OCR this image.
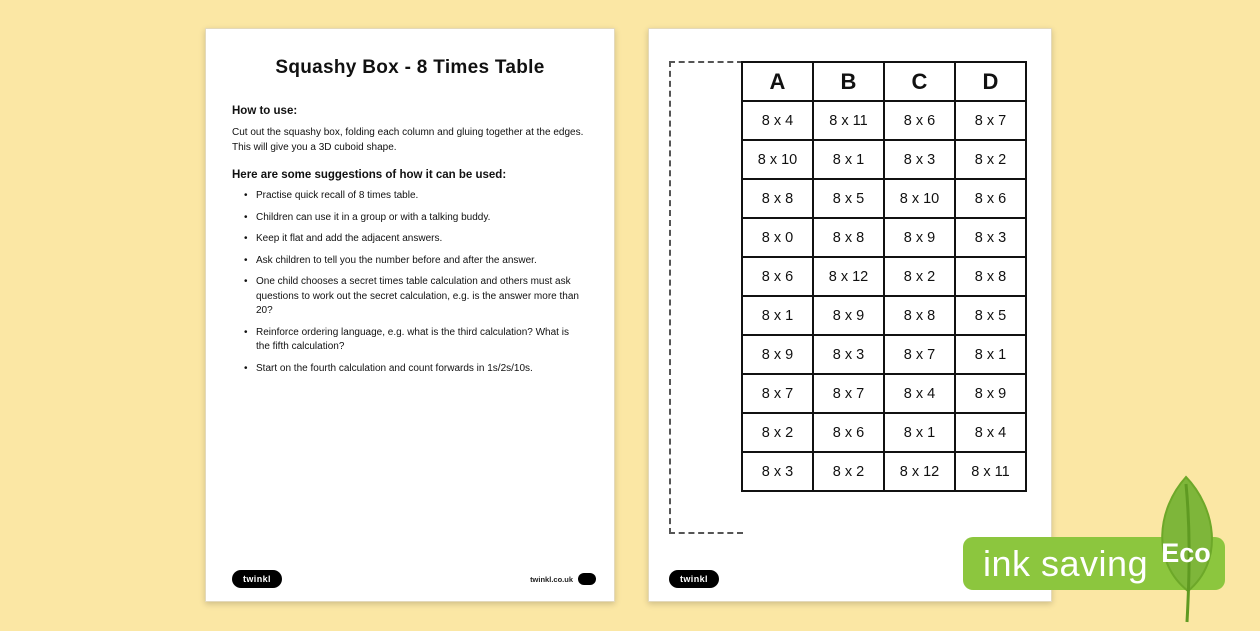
Squashy Box - 8 Times Table
How to use:
Cut out the squashy box, folding each column and gluing together at the edges. This will give you a 3D cuboid shape.
Here are some suggestions of how it can be used:
• Practise quick recall of 8 times table.
• Children can use it in a group or with a talking buddy.
• Keep it flat and add the adjacent answers.
• Ask children to tell you the number before and after the answer.
• One child chooses a secret times table calculation and others must ask questions to work out the secret calculation, e.g. is the answer more than 20?
• Reinforce ordering language, e.g. what is the third calculation? What is the fifth calculation?
• Start on the fourth calculation and count forwards in 1s/2s/10s.
twinkl	twinkl.co.uk
A	B	C	D
8 x 4	8 x 11	8 x 6	8 x 7
8 x 10	8 x 1	8 x 3	8 x 2
8 x 8	8 x 5	8 x 10	8 x 6
8 x 0	8 x 8	8 x 9	8 x 3
8 x 6	8 x 12	8 x 2	8 x 8
8 x 1	8 x 9	8 x 8	8 x 5
8 x 9	8 x 3	8 x 7	8 x 1
8 x 7	8 x 7	8 x 4	8 x 9
8 x 2	8 x 6	8 x 1	8 x 4
8 x 3	8 x 2	8 x 12	8 x 11
twinkl	ink saving Eco
